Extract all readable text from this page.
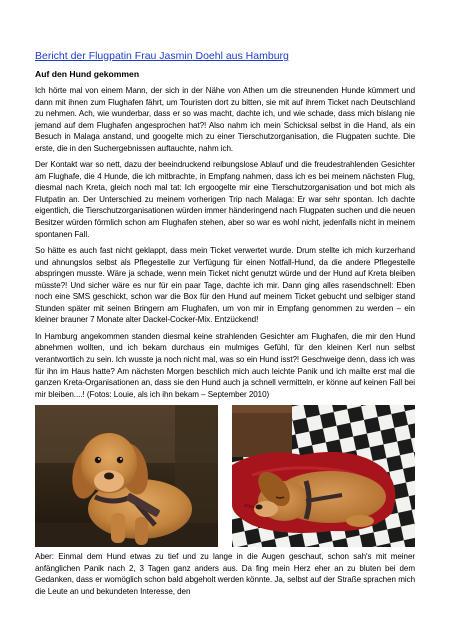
Bericht der Flugpatin Frau Jasmin Doehl aus Hamburg
Auf den Hund gekommen

Ich hörte mal von einem Mann, der sich in der Nähe von Athen um die streunenden Hunde kümmert und dann mit ihnen zum Flughafen fährt, um Touristen dort zu bitten, sie mit auf ihrem Ticket nach Deutschland zu nehmen. Ach, wie wunderbar, dass er so was macht, dachte ich, und wie schade, dass mich bislang nie jemand auf dem Flughafen angesprochen hat?! Also nahm ich mein Schicksal selbst in die Hand, als ein Besuch in Malaga anstand, und googelte mich zu einer Tierschutzorganisation, die Flugpaten suchte. Die erste, die in den Suchergebnissen auftauchte, nahm ich.

Der Kontakt war so nett, dazu der beeindruckend reibungslose Ablauf und die freudestrahlenden Gesichter am Flughafe, die 4 Hunde, die ich mitbrachte, in Empfang nahmen, dass ich es bei meinem nächsten Flug, diesmal nach Kreta, gleich noch mal tat: Ich ergoogelte mir eine Tierschutzorganisation und bot mich als Flutpatin an. Der Unterschied zu meinem vorherigen Trip nach Malaga: Er war sehr spontan. Ich dachte eigentlich, die Tierschutzorganisationen würden immer händeringend nach Flugpaten suchen und die neuen Besitzer würden förmlich schon am Flughafen stehen, aber so war es wohl nicht, jedenfalls nicht in meinem spontanen Fall.

So hätte es auch fast nicht geklappt, dass mein Ticket verwertet wurde. Drum stellte ich mich kurzerhand und ahnungslos selbst als Pflegestelle zur Verfügung für einen Notfall-Hund, da die andere Pflegestelle abspringen musste. Wäre ja schade, wenn mein Ticket nicht genutzt würde und der Hund auf Kreta bleiben müsste?! Und sicher wäre es nur für ein paar Tage, dachte ich mir. Dann ging alles rasendschnell: Eben noch eine SMS geschickt, schon war die Box für den Hund auf meinem Ticket gebucht und selbiger stand Stunden später mit seinen Bringern am Flughafen, um von mir in Empfang genommen zu werden – ein kleiner brauner 7 Monate alter Dackel-Cocker-Mix. Entzückend!

In Hamburg angekommen standen diesmal keine strahlenden Gesichter am Flughafen, die mir den Hund abnehmen wollten, und ich bekam durchaus ein mulmiges Gefühl, für den kleinen Kerl nun selbst verantwortlich zu sein. Ich wusste ja noch nicht mal, was so ein Hund isst?! Geschweige denn, dass ich was für ihn im Haus hatte? Am nächsten Morgen beschlich mich auch leichte Panik und ich mailte erst mal die ganzen Kreta-Organisationen an, dass sie den Hund auch ja schnell vermitteln, er könne auf keinen Fall bei mir bleiben....! (Fotos: Louie, als ich ihn bekam – September 2010)

Aber: Einmal dem Hund etwas zu tief und zu lange in die Augen geschaut, schon sah's mit meiner anfänglichen Panik nach 2, 3 Tagen ganz anders aus. Da fing mein Herz eher an zu bluten bei dem Gedanken, dass er womöglich schon bald abgeholt werden könnte. Ja, selbst auf der Straße sprachen mich die Leute an und bekundeten Interesse, den
